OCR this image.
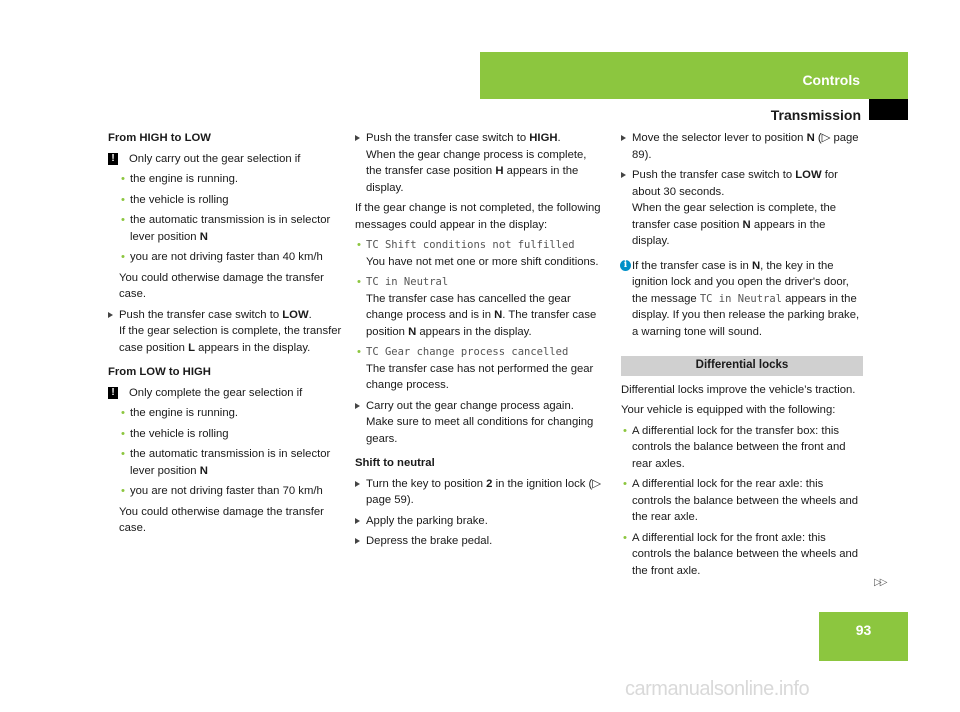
Controls
Transmission
From HIGH to LOW
! Only carry out the gear selection if
• the engine is running.
• the vehicle is rolling
• the automatic transmission is in selector lever position N
• you are not driving faster than 40 km/h
You could otherwise damage the transfer case.
Push the transfer case switch to LOW.
If the gear selection is complete, the transfer case position L appears in the display.
From LOW to HIGH
! Only complete the gear selection if
• the engine is running.
• the vehicle is rolling
• the automatic transmission is in selector lever position N
• you are not driving faster than 70 km/h
You could otherwise damage the transfer case.
Push the transfer case switch to HIGH.
When the gear change process is complete, the transfer case position H appears in the display.
If the gear change is not completed, the following messages could appear in the display:
• TC Shift conditions not fulfilled
You have not met one or more shift conditions.
• TC in Neutral
The transfer case has cancelled the gear change process and is in N. The transfer case position N appears in the display.
• TC Gear change process cancelled
The transfer case has not performed the gear change process.
Carry out the gear change process again.
Make sure to meet all conditions for changing gears.
Shift to neutral
Turn the key to position 2 in the ignition lock (▷ page 59).
Apply the parking brake.
Depress the brake pedal.
Move the selector lever to position N (▷ page 89).
Push the transfer case switch to LOW for about 30 seconds.
When the gear selection is complete, the transfer case position N appears in the display.
i If the transfer case is in N, the key in the ignition lock and you open the driver's door, the message TC in Neutral appears in the display. If you then release the parking brake, a warning tone will sound.
Differential locks
Differential locks improve the vehicle’s traction.
Your vehicle is equipped with the following:
• A differential lock for the transfer box: this controls the balance between the front and rear axles.
• A differential lock for the rear axle: this controls the balance between the wheels and the rear axle.
• A differential lock for the front axle: this controls the balance between the wheels and the front axle.
▷▷
93
carmanualsonline.info
